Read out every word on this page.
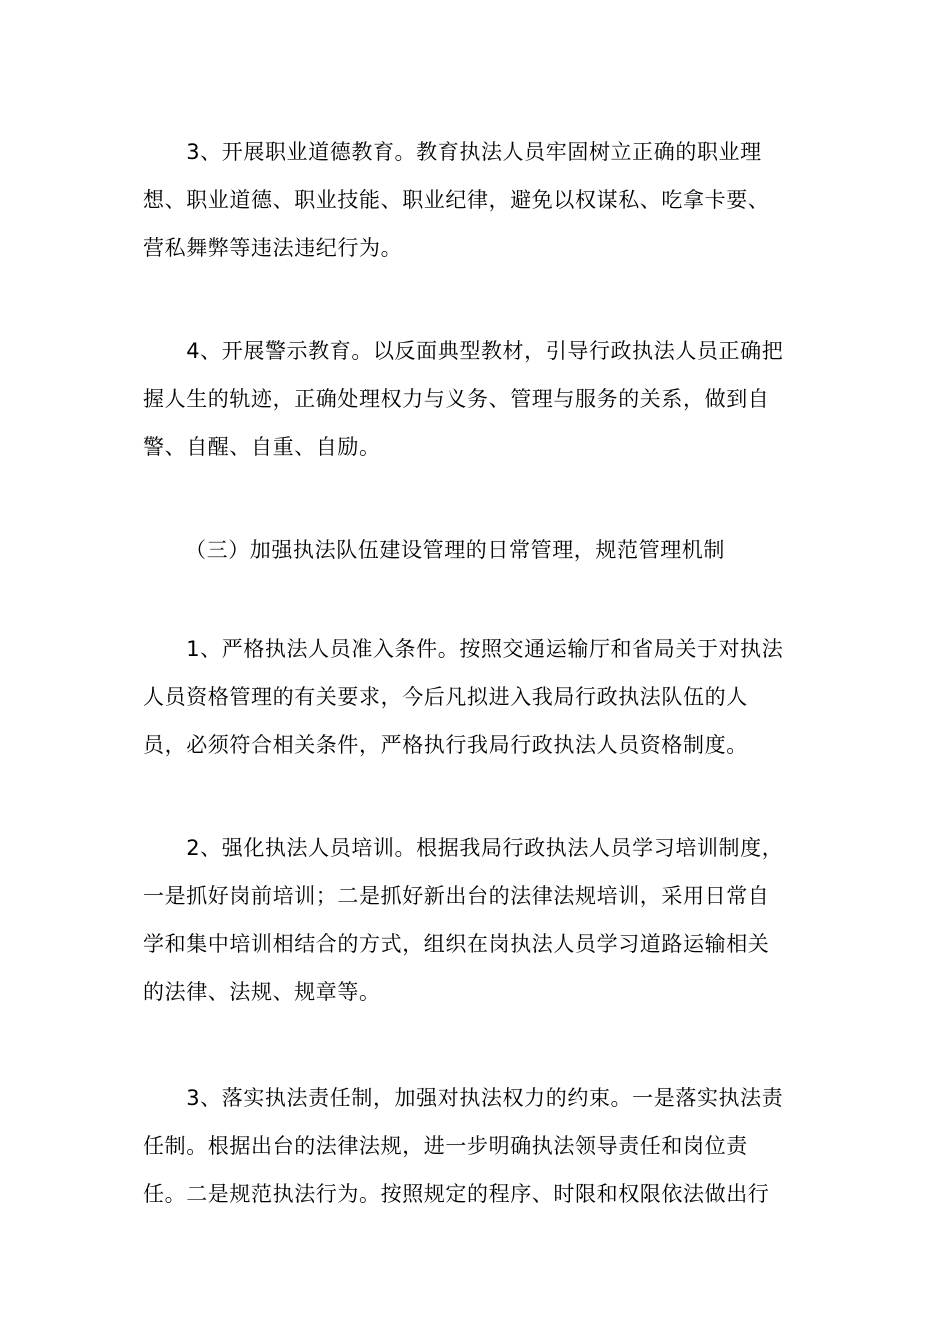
　　3、开展职业道德教育。教育执法人员牢固树立正确的职业理
想、职业道德、职业技能、职业纪律，避免以权谋私、吃拿卡要、
营私舞弊等违法违纪行为。

　　4、开展警示教育。以反面典型教材，引导行政执法人员正确把
握人生的轨迹，正确处理权力与义务、管理与服务的关系，做到自
警、自醒、自重、自励。

（三）加强执法队伍建设管理的日常管理，规范管理机制

　　1、严格执法人员准入条件。按照交通运输厅和省局关于对执法
人员资格管理的有关要求，今后凡拟进入我局行政执法队伍的人
员，必须符合相关条件，严格执行我局行政执法人员资格制度。

　　2、强化执法人员培训。根据我局行政执法人员学习培训制度，
一是抓好岗前培训；二是抓好新出台的法律法规培训，采用日常自
学和集中培训相结合的方式，组织在岗执法人员学习道路运输相关
的法律、法规、规章等。

　　3、落实执法责任制，加强对执法权力的约束。一是落实执法责
任制。根据出台的法律法规，进一步明确执法领导责任和岗位责
任。二是规范执法行为。按照规定的程序、时限和权限依法做出行
